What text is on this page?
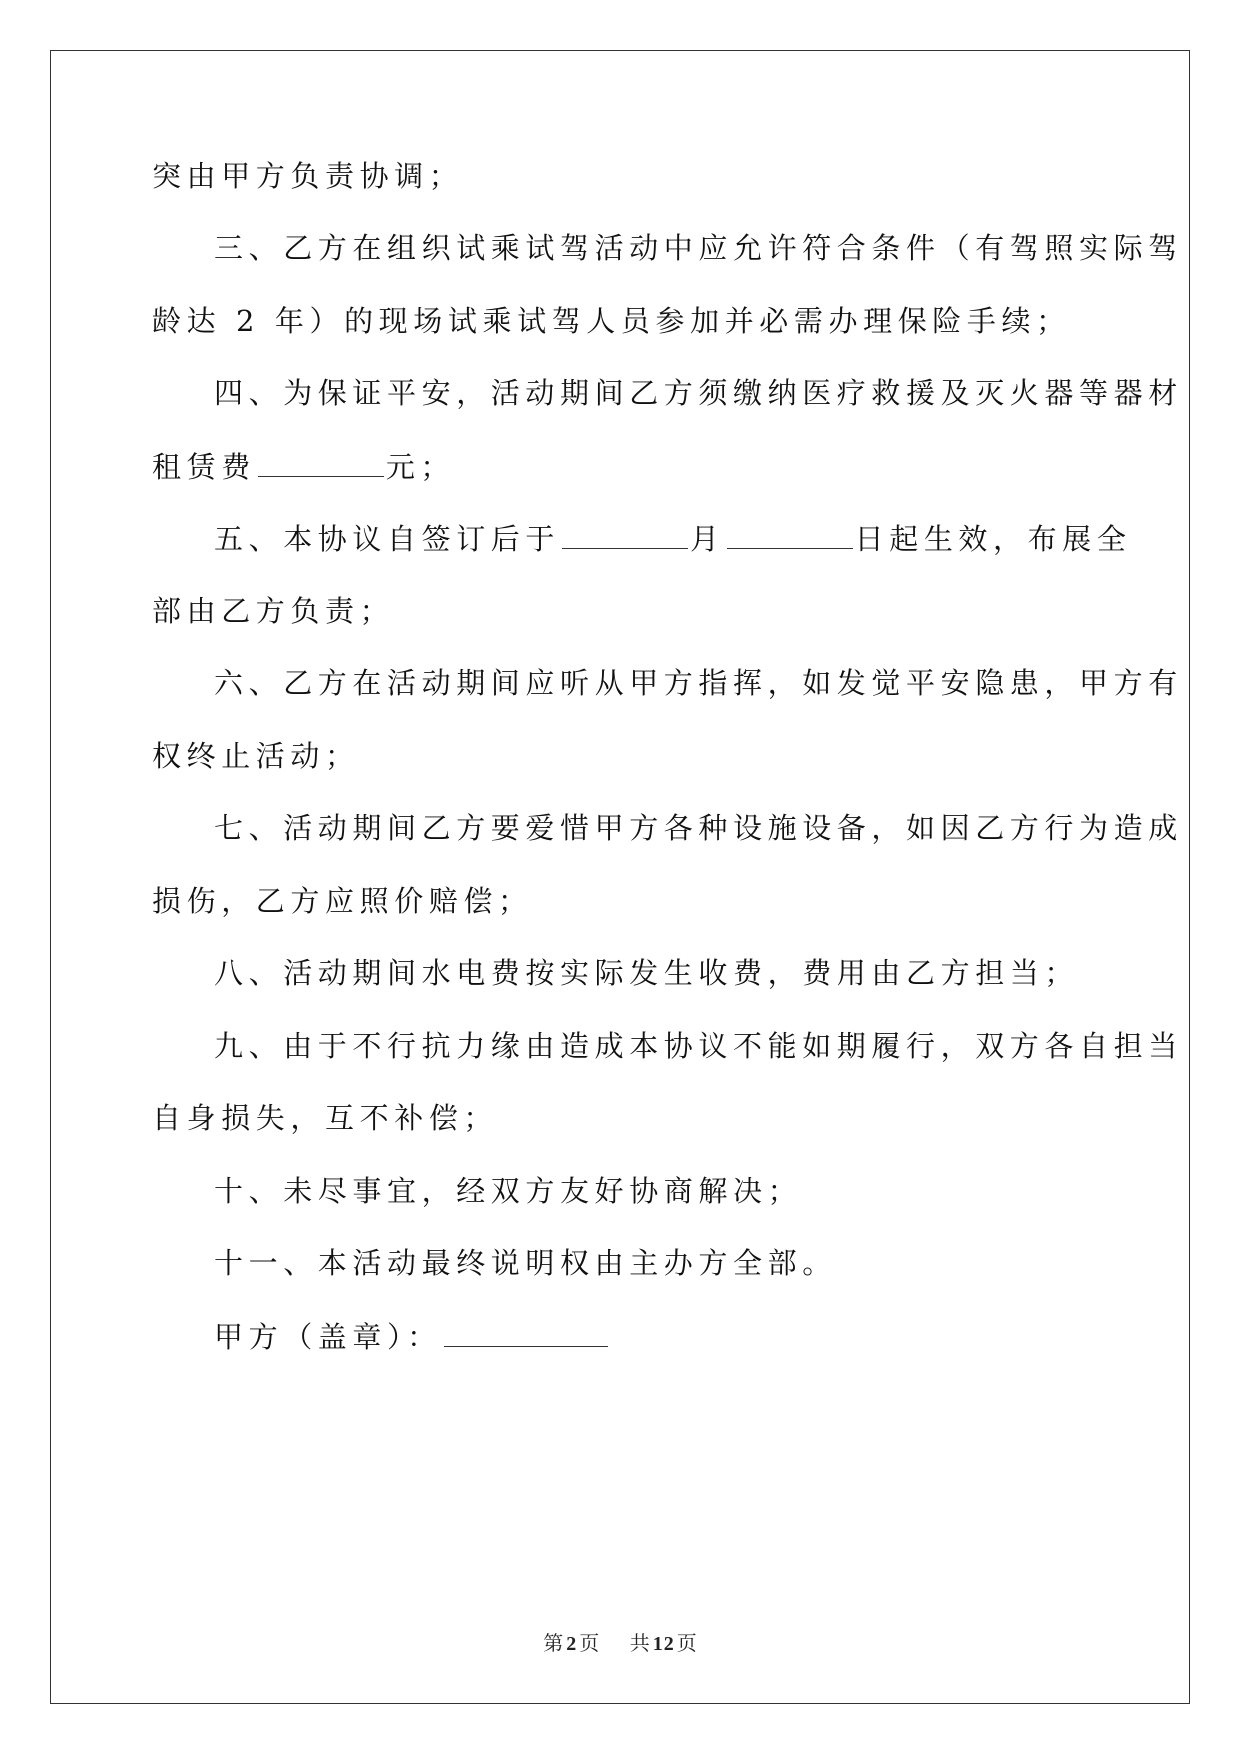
突由甲方负责协调；
三、乙方在组织试乘试驾活动中应允许符合条件（有驾照实际驾
龄达 2 年）的现场试乘试驾人员参加并必需办理保险手续；
四、为保证平安，活动期间乙方须缴纳医疗救援及灭火器等器材
租赁费	元；
五、本协议自签订后于	月	日起生效，布展全
部由乙方负责；
六、乙方在活动期间应听从甲方指挥，如发觉平安隐患，甲方有
权终止活动；
七、活动期间乙方要爱惜甲方各种设施设备，如因乙方行为造成
损伤，乙方应照价赔偿；
八、活动期间水电费按实际发生收费，费用由乙方担当；
九、由于不行抗力缘由造成本协议不能如期履行，双方各自担当
自身损失，互不补偿；
十、未尽事宜，经双方友好协商解决；
十一、本活动最终说明权由主办方全部。
甲方（盖章）：
第 2 页 共 12 页
